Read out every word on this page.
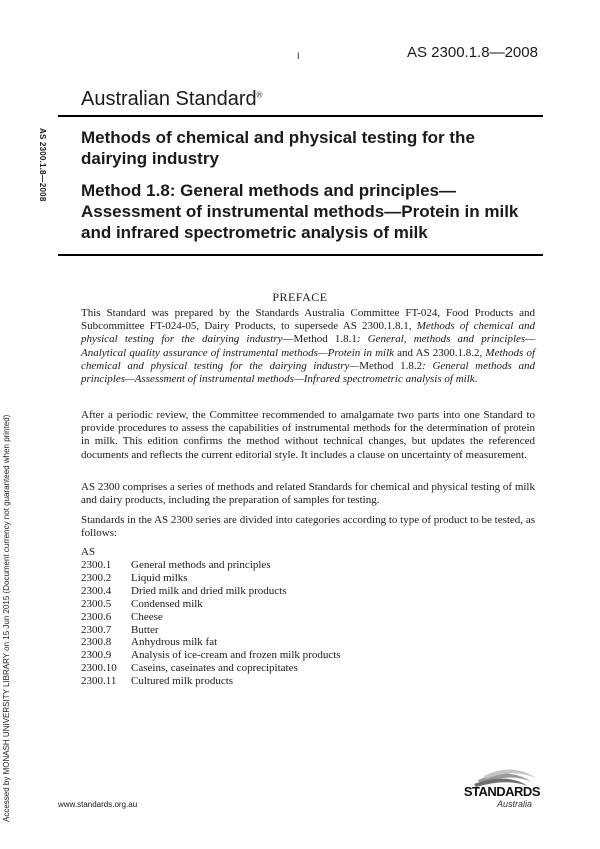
I	AS 2300.1.8—2008
Australian Standard®
AS 2300.1.8—2008 Methods of chemical and physical testing for the dairying industry
Method 1.8: General methods and principles—Assessment of instrumental methods—Protein in milk and infrared spectrometric analysis of milk
PREFACE
This Standard was prepared by the Standards Australia Committee FT-024, Food Products and Subcommittee FT-024-05, Dairy Products, to supersede AS 2300.1.8.1, Methods of chemical and physical testing for the dairying industry—Method 1.8.1: General, methods and principles—Analytical quality assurance of instrumental methods—Protein in milk and AS 2300.1.8.2, Methods of chemical and physical testing for the dairying industry—Method 1.8.2: General methods and principles—Assessment of instrumental methods—Infrared spectrometric analysis of milk.
After a periodic review, the Committee recommended to amalgamate two parts into one Standard to provide procedures to assess the capabilities of instrumental methods for the determination of protein in milk. This edition confirms the method without technical changes, but updates the referenced documents and reflects the current editorial style. It includes a clause on uncertainty of measurement.
AS 2300 comprises a series of methods and related Standards for chemical and physical testing of milk and dairy products, including the preparation of samples for testing.
Standards in the AS 2300 series are divided into categories according to type of product to be tested, as follows:
AS
2300.1	General methods and principles
2300.2	Liquid milks
2300.4	Dried milk and dried milk products
2300.5	Condensed milk
2300.6	Cheese
2300.7	Butter
2300.8	Anhydrous milk fat
2300.9	Analysis of ice-cream and frozen milk products
2300.10	Caseins, caseinates and coprecipitates
2300.11	Cultured milk products
Accessed by MONASH UNIVERSITY LIBRARY on 15 Jun 2015 (Document currency not guaranteed when printed)	www.standards.org.au
STANDARDS
Australia
